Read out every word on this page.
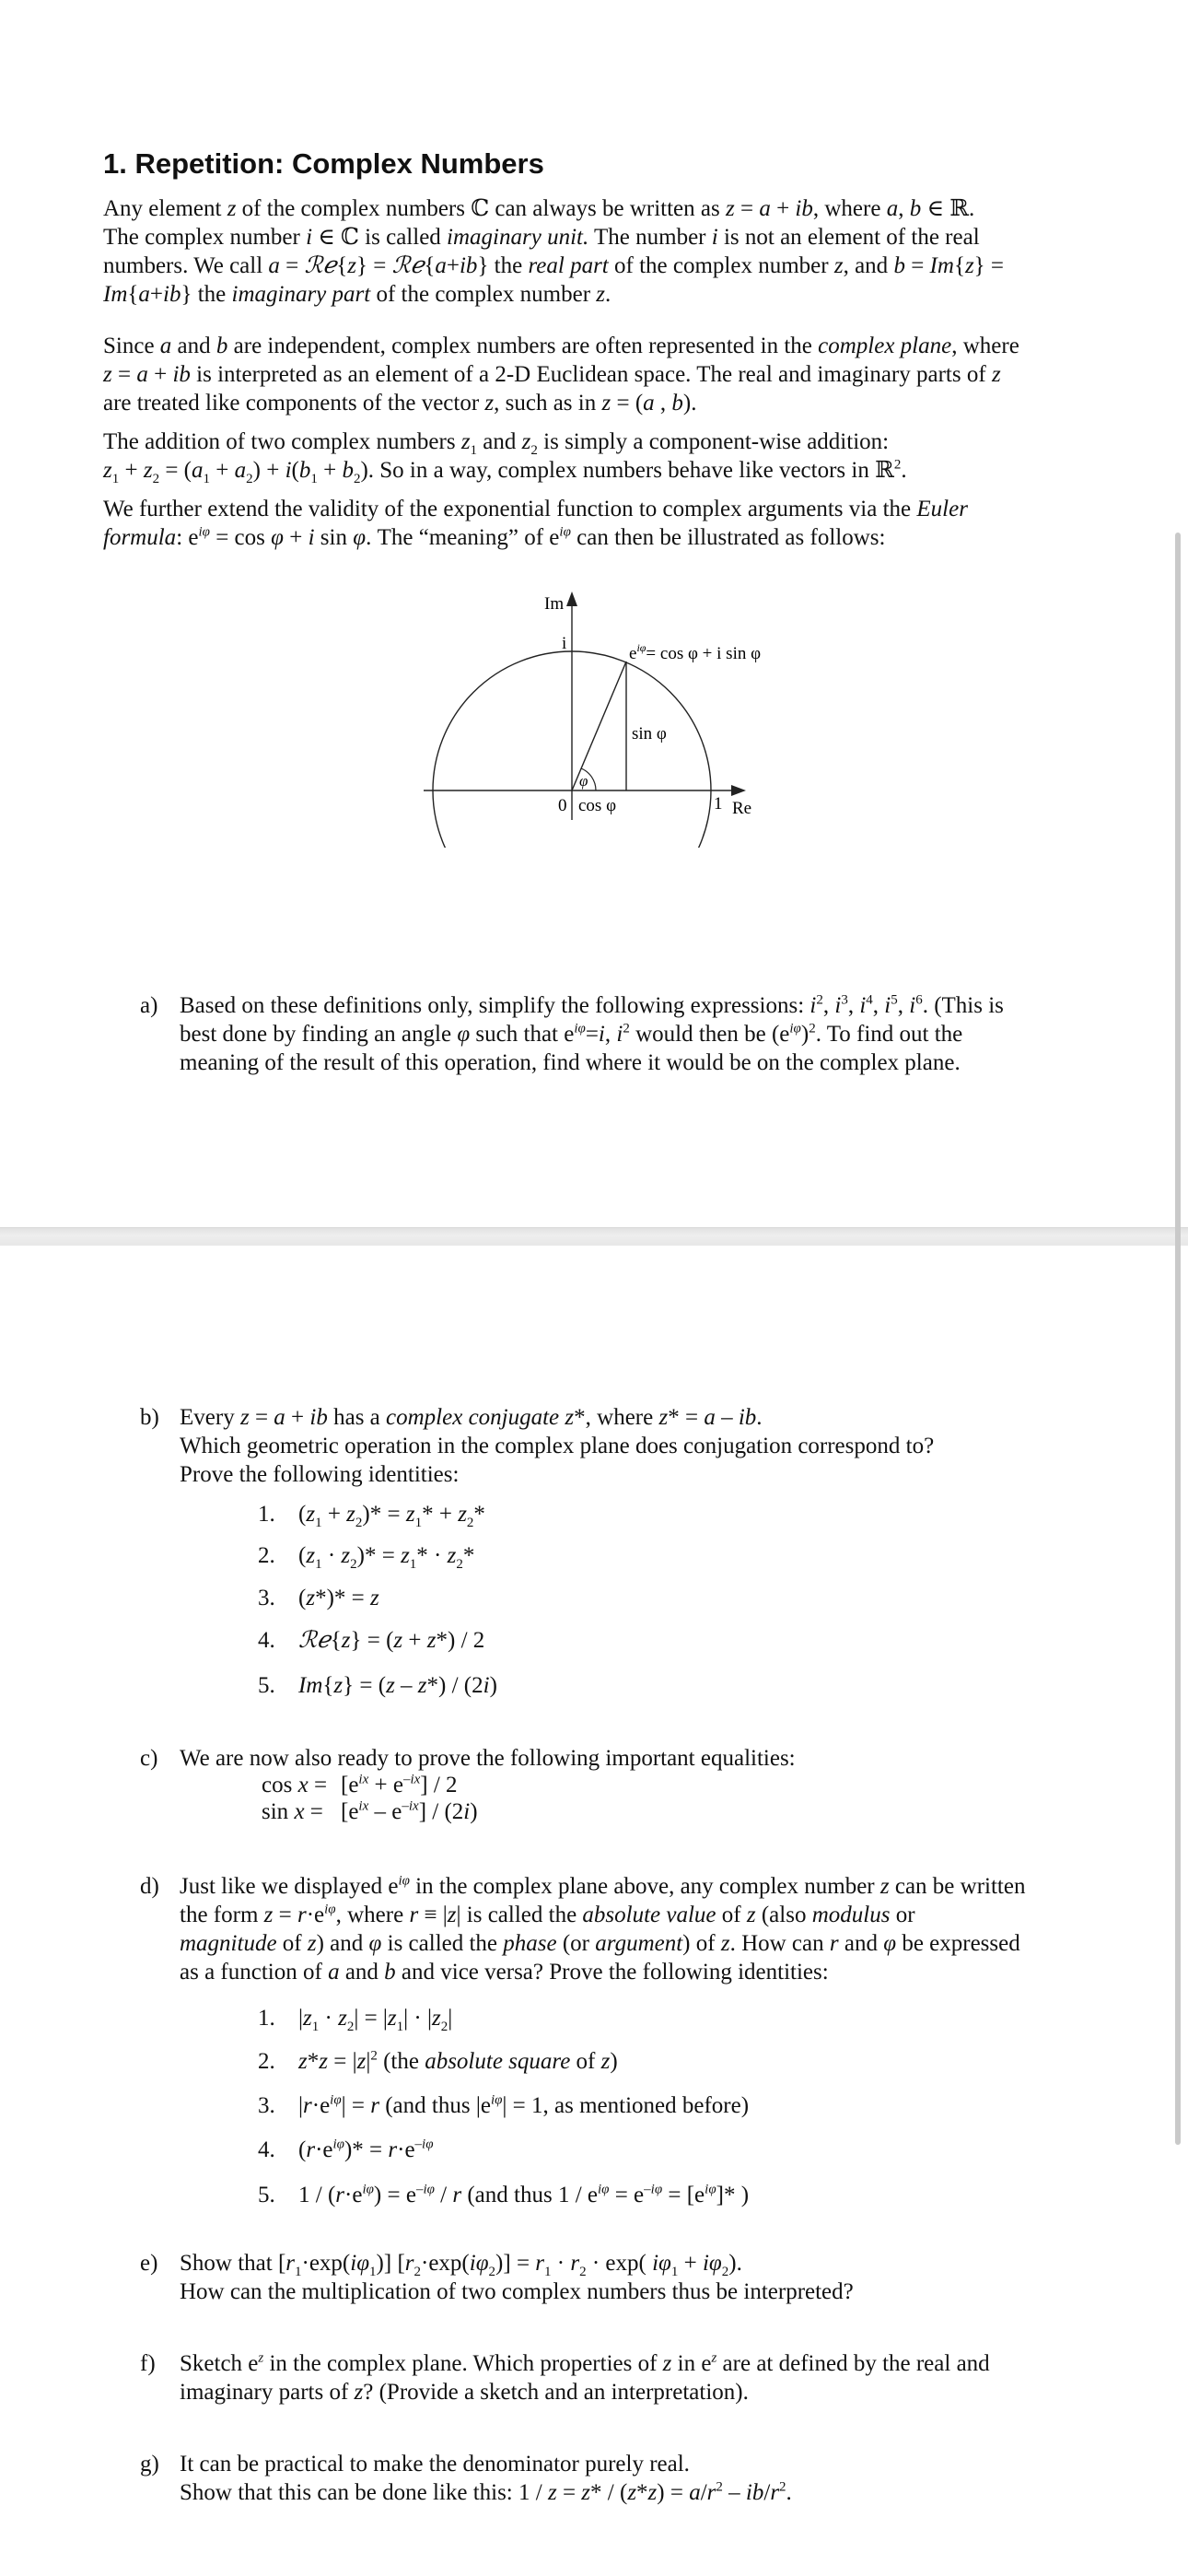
1. Repetition: Complex Numbers
Any element z of the complex numbers ℂ can always be written as z = a + ib, where a, b ∈ ℝ.
The complex number i ∈ ℂ is called imaginary unit. The number i is not an element of the real
numbers. We call a = ℛℯ{z} = ℛℯ{a+ib} the real part of the complex number z, and b = Im{z} =
Im{a+ib} the imaginary part of the complex number z.
Since a and b are independent, complex numbers are often represented in the complex plane, where
z = a + ib is interpreted as an element of a 2-D Euclidean space. The real and imaginary parts of z
are treated like components of the vector z, such as in z = (a , b).
The addition of two complex numbers $z_1$ and $z_2$ is simply a component-wise addition:
$z_1 + z_2 = (a_1 + a_2) + i(b_1 + b_2)$. So in a way, complex numbers behave like vectors in ℝ$^2$.
We further extend the validity of the exponential function to complex arguments via the Euler
formula: $e^{i\varphi} = \cos \varphi + i$ sin φ. The “meaning” of $e^{i\varphi}$ can then be illustrated as follows:
Im
i
$e^{i\varphi}= \cos \varphi + i$ sin φ
sin φ
φ
0 cos φ	1 Re
a) Based on these definitions only, simplify the following expressions: $i^2$, $i^3$, $i^4$, $i^5$, $i^6$. (This is
best done by finding an angle φ such that $e^{i\varphi}=i$, $i^2$ would then be $(e^{i\varphi})^2$. To find out the
meaning of the result of this operation, find where it would be on the complex plane.
b) Every z = a + ib has a complex conjugate z*, where z* = a – ib.
Which geometric operation in the complex plane does conjugation correspond to?
Prove the following identities:
1. $(z_1 + z_2)* = z_1* + z_2*$
2. $(z_1 \cdot z_2)* = z_1* \cdot z_2*$
3. (z*)* = z
4. ℛℯ{z} = (z + z*) / 2
5. Im{z} = (z – z*) / (2i)
c) We are now also ready to prove the following important equalities:
$\cos x = [e^{ix} + e^{-ix}] / 2$
$\sin x = [e^{ix} - e^{-ix}] / (2i)$
d) Just like we displayed $e^{i\varphi}$ in the complex plane above, any complex number z can be written
the form $z = r\cdot e^{i\varphi}$, where r ≡ |z| is called the absolute value of z (also modulus or
magnitude of z) and φ is called the phase (or argument) of z. How can r and φ be expressed
as a function of a and b and vice versa? Prove the following identities:
1. $|z_1 \cdot z_2| = |z_1| \cdot |z_2|$
2. $z*z = |z|^2$ (the absolute square of z)
3. $|r\cdot e^{i\varphi}| = r$ (and thus $|e^{i\varphi}| = 1$, as mentioned before)
4. $(r\cdot e^{i\varphi})* = r\cdot e^{-i\varphi}$
5. $1 / (r\cdot e^{i\varphi}) = e^{-i\varphi} / r$ (and thus $1 / e^{i\varphi} = e^{-i\varphi} = [e^{i\varphi}]*$ )
e) Show that $[r_1\cdot\exp(i\varphi_1)] [r_2\cdot\exp(i\varphi_2)] = r_1 \cdot r_2 \cdot \exp$( $i\varphi_1 + i\varphi_2$).
How can the multiplication of two complex numbers thus be interpreted?
f) Sketch $e^z$ in the complex plane. Which properties of z in $e^z$ are at defined by the real and
imaginary parts of z? (Provide a sketch and an interpretation).
g) It can be practical to make the denominator purely real.
Show that this can be done like this: $1 / z = z* / (z*z) = a/r^2 - ib/r^2$.
